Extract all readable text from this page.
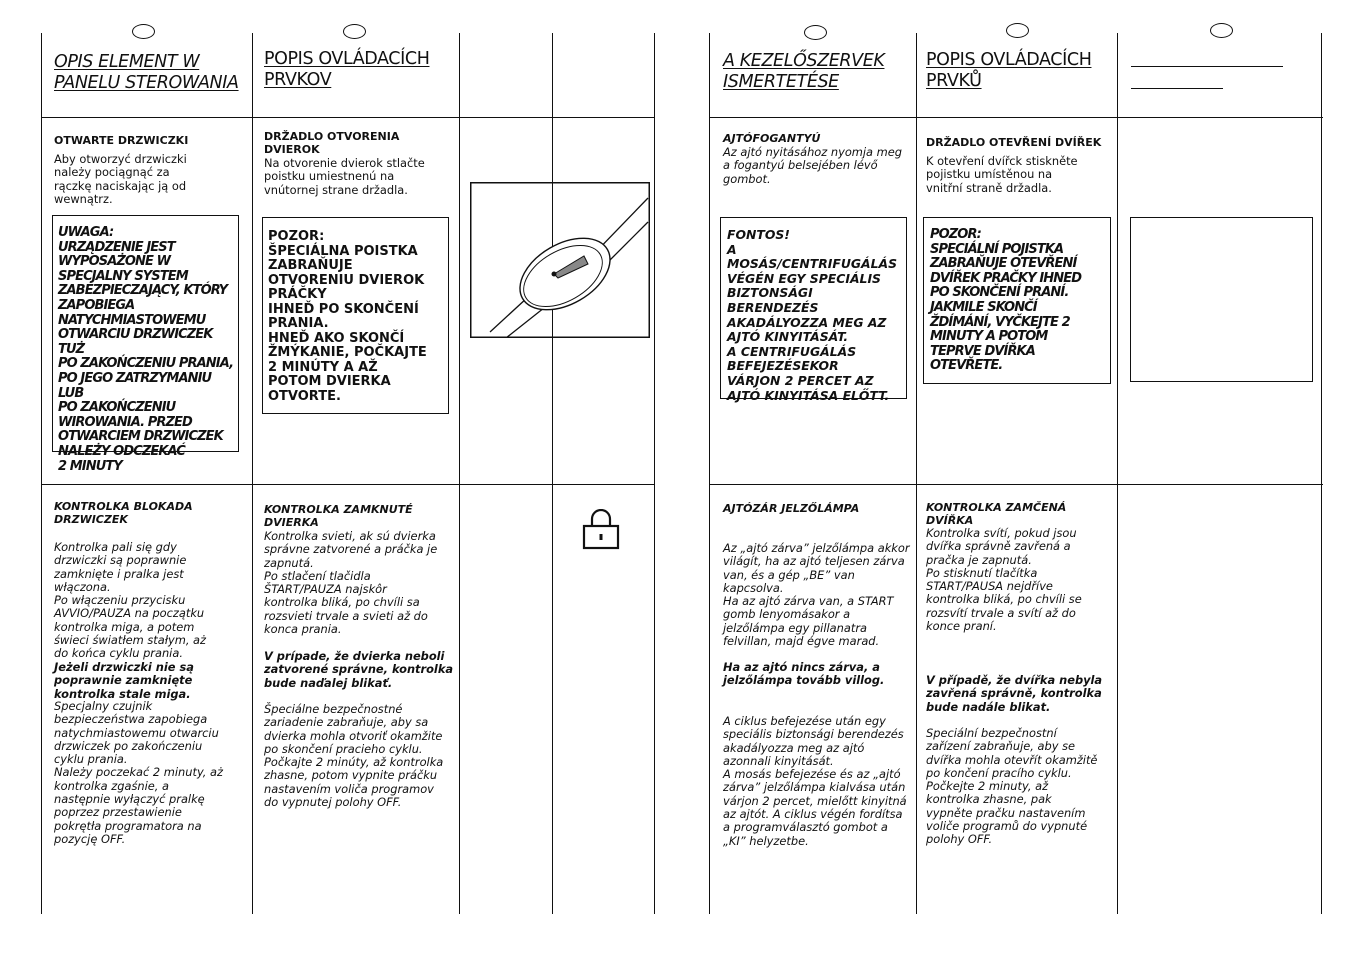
OPIS ELEMENT W
PANELU STEROWANIA
POPIS OVLÁDACÍCH
PRVKOV
OTWARTE DRZWICZKI
Aby otworzyć drzwiczki
należy pociągnąć za
rączkę naciskając ją od
wewnątrz.
UWAGA:
URZĄDZENIE JEST
WYPOSAŻONE W
SPECJALNY SYSTEM
ZABEZPIECZAJĄCY, KTÓRY
ZAPOBIEGA
NATYCHMIASTOWEMU
OTWARCIU DRZWICZEK TUŻ
PO ZAKOŃCZENIU PRANIA,
PO JEGO ZATRZYMANIU LUB
PO ZAKOŃCZENIU
WIROWANIA. PRZED
OTWARCIEM DRZWICZEK
NALEŻY ODCZEKAĆ
2 MINUTY
DRŽADLO OTVORENIA
DVIEROK
Na otvorenie dvierok stlačte
poistku umiestnenú na
vnútornej strane držadla.
POZOR:
ŠPECIÁLNA POISTKA
ZABRAŇUJE
OTVORENIU DVIEROK
PRÁČKY
IHNEĎ PO SKONČENÍ
PRANIA.
HNEĎ AKO SKONČÍ
ŽMÝKANIE, POČKAJTE
2 MINÚTY A AŽ
POTOM DVIERKA
OTVORTE.
KONTROLKA BLOKADA
DRZWICZEK
Kontrolka pali się gdy
drzwiczki są poprawnie
zamknięte i pralka jest
włączona.
Po włączeniu przycisku
AVVIO/PAUZA na początku
kontrolka miga, a potem
świeci światłem stałym, aż
do końca cyklu prania.
Jeżeli drzwiczki nie są
poprawnie zamknięte
kontrolka stale miga.
Specjalny czujnik
bezpieczeństwa zapobiega
natychmiastowemu otwarciu
drzwiczek po zakończeniu
cyklu prania.
Należy poczekać 2 minuty, aż
kontrolka zgaśnie, a
następnie wyłączyć pralkę
poprzez przestawienie
pokrętła programatora na
pozycję OFF.
KONTROLKA ZAMKNUTÉ
DVIERKA
Kontrolka svieti, ak sú dvierka
správne zatvorené a práčka je
zapnutá.
Po stlačení tlačidla
ŠTART/PAUZA najskôr
kontrolka bliká, po chvíli sa
rozsvieti trvale a svieti až do
konca prania.
V prípade, že dvierka neboli
zatvorené správne, kontrolka
bude naďalej blikať.
Špeciálne bezpečnostné
zariadenie zabraňuje, aby sa
dvierka mohla otvoriť okamžite
po skončení pracieho cyklu.
Počkajte 2 minúty, až kontrolka
zhasne, potom vypnite práčku
nastavením voliča programov
do vypnutej polohy OFF.
A KEZELŐSZERVEK
ISMERTETÉSE
POPIS OVLÁDACÍCH
PRVKŮ
AJTÓFOGANTYÚ
Az ajtó nyitásához nyomja meg
a fogantyú belsejében lévő
gombot.
FONTOS!
A MOSÁS/CENTRIFUGÁLÁS
VÉGÉN EGY SPECIÁLIS
BIZTONSÁGI
BERENDEZÉS
AKADÁLYOZZA MEG AZ
AJTÓ KINYITÁSÁT.
A CENTRIFUGÁLÁS
BEFEJEZÉSEKOR
VÁRJON 2 PERCET AZ
AJTÓ KINYITÁSA ELŐTT.
DRŽADLO OTEVŘENÍ DVÍŘEK
K otevření dvířck stiskněte
pojistku umístěnou na
vnitřní straně držadla.
POZOR:
SPECIÁLNÍ POJISTKA
ZABRAŇUJE OTEVŘENÍ
DVÍŘEK PRAČKY IHNED
PO SKONČENÍ PRANÍ.
JAKMILE SKONČÍ
ŽDÍMÁNÍ, VYČKEJTE 2
MINUTY A POTOM
TEPRVE DVÍŘKA
OTEVŘETE.
AJTÓZÁR JELZŐLÁMPA
Az „ajtó zárva” jelzőlámpa akkor
világít, ha az ajtó teljesen zárva
van, és a gép „BE” van
kapcsolva.
Ha az ajtó zárva van, a START
gomb lenyomásakor a
jelzőlámpa egy pillanatra
felvillan, majd égve marad.
Ha az ajtó nincs zárva, a
jelzőlámpa tovább villog.
A ciklus befejezése után egy
speciális biztonsági berendezés
akadályozza meg az ajtó
azonnali kinyitását.
A mosás befejezése és az „ajtó
zárva” jelzőlámpa kialvása után
várjon 2 percet, mielőtt kinyitná
az ajtót. A ciklus végén fordítsa
a programválasztó gombot a
„KI” helyzetbe.
KONTROLKA ZAMČENÁ
DVÍŘKA
Kontrolka svítí, pokud jsou
dvířka správně zavřená a
pračka je zapnutá.
Po stisknutí tlačítka
START/PAUSA nejdříve
kontrolka bliká, po chvíli se
rozsvítí trvale a svítí až do
konce praní.
V případě, že dvířka nebyla
zavřená správně, kontrolka
bude nadále blikat.
Speciální bezpečnostní
zařízení zabraňuje, aby se
dvířka mohla otevřít okamžitě
po končení pracího cyklu.
Počkejte 2 minuty, až
kontrolka zhasne, pak
vypněte pračku nastavením
voliče programů do vypnuté
polohy OFF.
